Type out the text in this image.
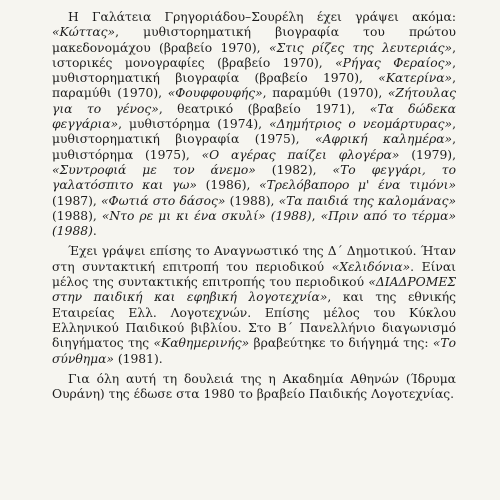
Η Γαλάτεια Γρηγοριάδου–Σουρέλη έχει γράψει ακόμα: «Κώττας», μυθιστορηματική βιογραφία του πρώτου μακεδονομάχου (βραβείο 1970), «Στις ρίζες της λευτεριάς», ιστορικές μονογραφίες (βραβείο 1970), «Ρήγας Φεραίος», μυθιστορηματική βιογραφία (βραβείο 1970), «Κατερίνα», παραμύθι (1970), «Φουφφουφής», παραμύθι (1970), «Ζήτουλας για το γένος», θεατρικό (βραβείο 1971), «Τα δώδεκα φεγγάρια», μυθιστόρημα (1974), «Δημήτριος ο νεομάρτυρας», μυθιστορηματική βιογραφία (1975), «Αφρική καλημέρα», μυθιστόρημα (1975), «Ο αγέρας παίζει φλογέρα» (1979), «Συντροφιά με τον άνεμο» (1982), «Το φεγγάρι, το γαλατόσπιτο και γω» (1986), «Τρελόβαπορο μ' ένα τιμόνι» (1987), «Φωτιά στο δάσος» (1988), «Τα παιδιά της καλομάνας» (1988), «Ντο ρε μι κι ένα σκυλί» (1988), «Πριν από το τέρμα» (1988).

Έχει γράψει επίσης το Αναγνωστικό της Δ΄ Δημοτικού. Ήταν στη συντακτική επιτροπή του περιοδικού «Χελιδόνια». Είναι μέλος της συντακτικής επιτροπής του περιοδικού «ΔΙΑΔΡΟΜΕΣ στην παιδική και εφηβική λογοτεχνία», και της εθνικής Εταιρείας Ελλ. Λογοτεχνών. Επίσης μέλος του Κύκλου Ελληνικού Παιδικού βιβλίου. Στο Β΄ Πανελλήνιο διαγωνισμό διηγήματος της «Καθημερινής» βραβεύτηκε το διήγημά της: «Το σύνθημα» (1981).

Για όλη αυτή τη δουλειά της η Ακαδημία Αθηνών (Ίδρυμα Ουράνη) της έδωσε στα 1980 το βραβείο Παιδικής Λογοτεχνίας.
